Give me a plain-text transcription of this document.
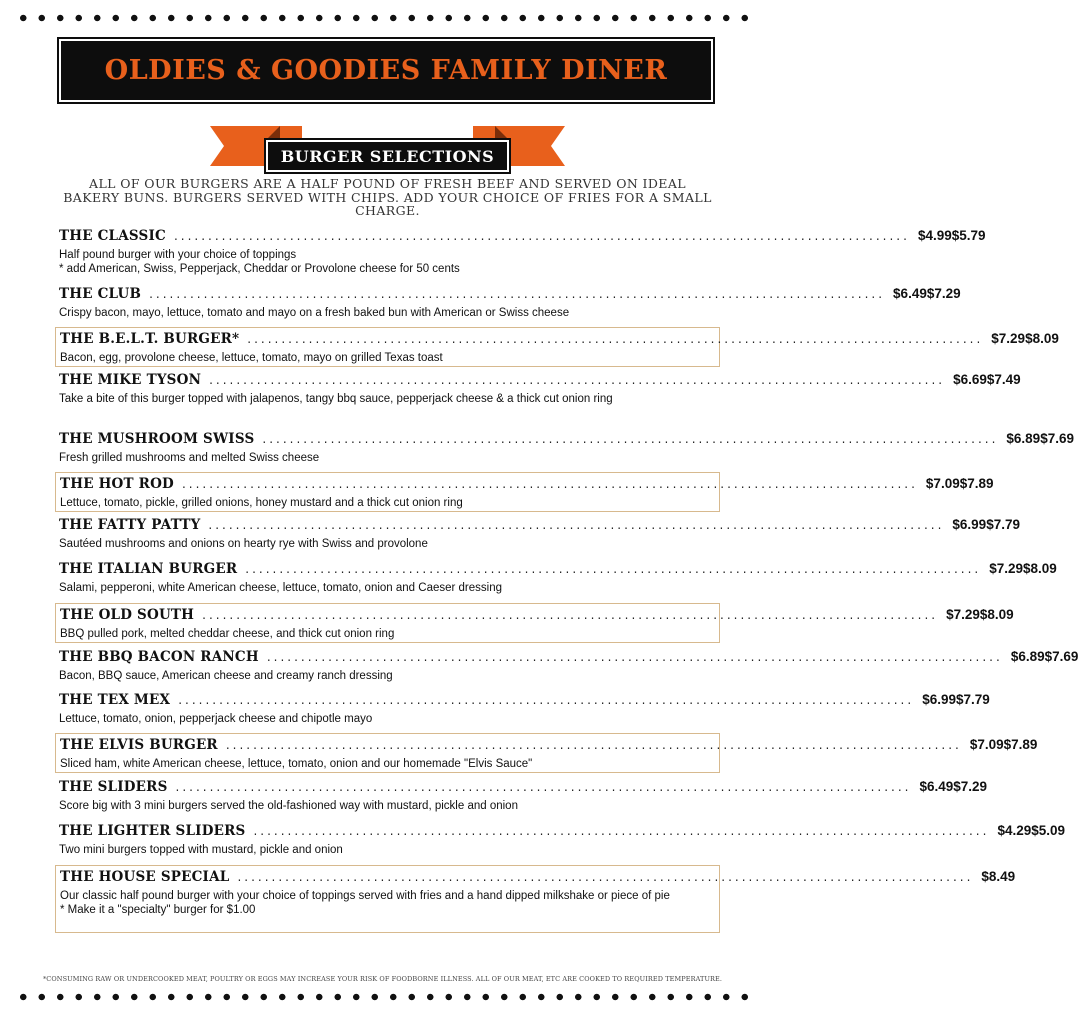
OLDIES & GOODIES FAMILY DINER
BURGER SELECTIONS
ALL OF OUR BURGERS ARE A HALF POUND OF FRESH BEEF AND SERVED ON IDEAL BAKERY BUNS. BURGERS SERVED WITH CHIPS. ADD YOUR CHOICE OF FRIES FOR A SMALL CHARGE.
THE CLASSIC ............................................................................................................ $4.99 $5.79
Half pound burger with your choice of toppings
* add American, Swiss, Pepperjack, Cheddar or Provolone cheese for 50 cents
THE CLUB ............................................................................................................ $6.49 $7.29
Crispy bacon, mayo, lettuce, tomato and mayo on a fresh baked bun with American or Swiss cheese
THE B.E.L.T. BURGER* ............................................................................................................ $7.29 $8.09
Bacon, egg, provolone cheese, lettuce, tomato, mayo on grilled Texas toast
THE MIKE TYSON ............................................................................................................ $6.69 $7.49
Take a bite of this burger topped with jalapenos, tangy bbq sauce, pepperjack cheese & a thick cut onion ring
THE MUSHROOM SWISS ............................................................................................................ $6.89 $7.69
Fresh grilled mushrooms and melted Swiss cheese
THE HOT ROD ............................................................................................................ $7.09 $7.89
Lettuce, tomato, pickle, grilled onions, honey mustard and a thick cut onion ring
THE FATTY PATTY ............................................................................................................ $6.99 $7.79
Sautéed mushrooms and onions on hearty rye with Swiss and provolone
THE ITALIAN BURGER ............................................................................................................ $7.29 $8.09
Salami, pepperoni, white American cheese, lettuce, tomato, onion and Caeser dressing
THE OLD SOUTH ............................................................................................................ $7.29 $8.09
BBQ pulled pork, melted cheddar cheese, and thick cut onion ring
THE BBQ BACON RANCH ............................................................................................................ $6.89 $7.69
Bacon, BBQ sauce, American cheese and creamy ranch dressing
THE TEX MEX ............................................................................................................ $6.99 $7.79
Lettuce, tomato, onion, pepperjack cheese and chipotle mayo
THE ELVIS BURGER ............................................................................................................ $7.09 $7.89
Sliced ham, white American cheese, lettuce, tomato, onion and our homemade "Elvis Sauce"
THE SLIDERS ............................................................................................................ $6.49 $7.29
Score big with 3 mini burgers served the old-fashioned way with mustard, pickle and onion
THE LIGHTER SLIDERS ............................................................................................................ $4.29 $5.09
Two mini burgers topped with mustard, pickle and onion
THE HOUSE SPECIAL ............................................................................................................ $8.49
Our classic half pound burger with your choice of toppings served with fries and a hand dipped milkshake or piece of pie
* Make it a "specialty" burger for $1.00
*CONSUMING RAW OR UNDERCOOKED MEAT, POULTRY OR EGGS MAY INCREASE YOUR RISK OF FOODBORNE ILLNESS. ALL OF OUR MEAT, ETC ARE COOKED TO REQUIRED TEMPERATURE.
